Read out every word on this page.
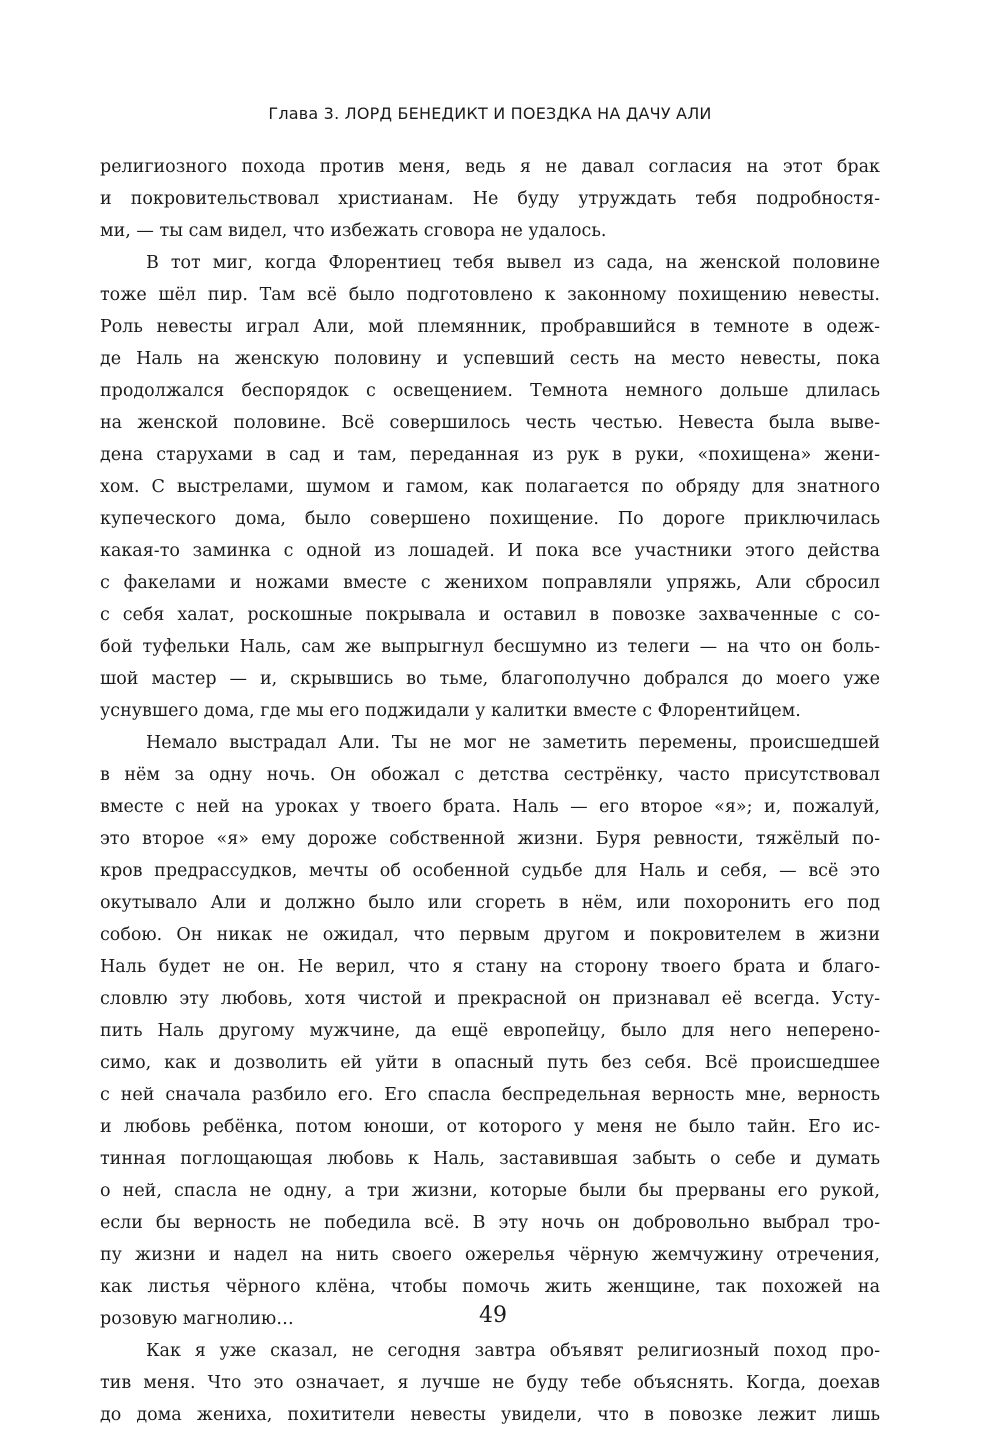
Глава 3. ЛОРД БЕНЕДИКТ И ПОЕЗДКА НА ДАЧУ АЛИ
религиозного похода против меня, ведь я не давал согласия на этот брак
и покровительствовал христианам. Не буду утруждать тебя подробностя-
ми, — ты сам видел, что избежать сговора не удалось.
В тот миг, когда Флорентиец тебя вывел из сада, на женской половине
тоже шёл пир. Там всё было подготовлено к законному похищению невесты.
Роль невесты играл Али, мой племянник, пробравшийся в темноте в одеж-
де Наль на женскую половину и успевший сесть на место невесты, пока
продолжался беспорядок с освещением. Темнота немного дольше длилась
на женской половине. Всё совершилось честь честью. Невеста была выве-
дена старухами в сад и там, переданная из рук в руки, «похищена» жени-
хом. С выстрелами, шумом и гамом, как полагается по обряду для знатного
купеческого дома, было совершено похищение. По дороге приключилась
какая-то заминка с одной из лошадей. И пока все участники этого действа
с факелами и ножами вместе с женихом поправляли упряжь, Али сбросил
с себя халат, роскошные покрывала и оставил в повозке захваченные с со-
бой туфельки Наль, сам же выпрыгнул бесшумно из телеги — на что он боль-
шой мастер — и, скрывшись во тьме, благополучно добрался до моего уже
уснувшего дома, где мы его поджидали у калитки вместе с Флорентийцем.
Немало выстрадал Али. Ты не мог не заметить перемены, происшедшей
в нём за одну ночь. Он обожал с детства сестрёнку, часто присутствовал
вместе с ней на уроках у твоего брата. Наль — его второе «я»; и, пожалуй,
это второе «я» ему дороже собственной жизни. Буря ревности, тяжёлый по-
кров предрассудков, мечты об особенной судьбе для Наль и себя, — всё это
окутывало Али и должно было или сгореть в нём, или похоронить его под
собою. Он никак не ожидал, что первым другом и покровителем в жизни
Наль будет не он. Не верил, что я стану на сторону твоего брата и благо-
словлю эту любовь, хотя чистой и прекрасной он признавал её всегда. Усту-
пить Наль другому мужчине, да ещё европейцу, было для него неперено-
симо, как и дозволить ей уйти в опасный путь без себя. Всё происшедшее
с ней сначала разбило его. Его спасла беспредельная верность мне, верность
и любовь ребёнка, потом юноши, от которого у меня не было тайн. Его ис-
тинная поглощающая любовь к Наль, заставившая забыть о себе и думать
о ней, спасла не одну, а три жизни, которые были бы прерваны его рукой,
если бы верность не победила всё. В эту ночь он добровольно выбрал тро-
пу жизни и надел на нить своего ожерелья чёрную жемчужину отречения,
как листья чёрного клёна, чтобы помочь жить женщине, так похожей на
розовую магнолию…
Как я уже сказал, не сегодня завтра объявят религиозный поход про-
тив меня. Что это означает, я лучше не буду тебе объяснять. Когда, доехав
до дома жениха, похитители невесты увидели, что в повозке лежит лишь
49
